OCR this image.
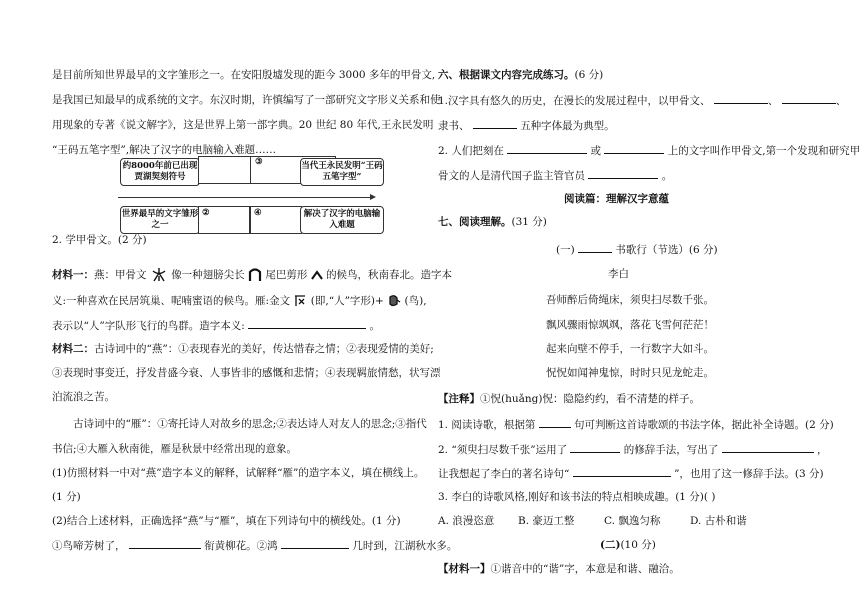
是目前所知世界最早的文字雏形之一。在安阳殷墟发现的距今 3000 多年的甲骨文,
是我国已知最早的成系统的文字。东汉时期，许慎编写了一部研究文字形义关系和使
用现象的专著《说文解字》，这是世界上第一部字典。20 世纪 80 年代,王永民发明
“王码五笔字型”,解决了汉字的电脑输入难题……
约8000年前已出现贾湖契刻符号
③	当代王永民发明“王码五笔字型”
世界最早的文字雏形之一
②	④	解决了汉字的电脑输入难题
2. 学甲骨文。(2 分)
材料一：燕：甲骨文 像一种翅膀尖长 尾巴剪形 的候鸟，秋南春北。造字本
义:一种喜欢在民居筑巢、呢喃蜜语的候鸟。雁:金文 (即,“人”字形)+ (鸟),
表示以“人”字队形飞行的鸟群。造字本义:	。
材料二：古诗词中的“燕”：①表现春光的美好，传达惜春之情；②表现爱情的美好;
③表现时事变迁，抒发昔盛今衰、人事皆非的感慨和悲情；④表现羁旅情愁，状写漂
泊流浪之苦。
古诗词中的“雁”：①寄托诗人对故乡的思念;②表达诗人对友人的思念;③指代
书信;④大雁入秋南徙，雁是秋景中经常出现的意象。
(1)仿照材料一中对“燕”造字本义的解释，试解释“雁”的造字本义，填在横线上。
(1 分)
(2)结合上述材料，正确选择“燕”与“雁”，填在下列诗句中的横线处。(1 分)
①鸟啼芳树了，	衔黄柳花。②鸿	几时到，江湖秋水多。
六、根据课文内容完成练习。(6 分)
1.汉字具有悠久的历史，在漫长的发展过程中，以甲骨文、	、	、
隶书、	五种字体最为典型。
2. 人们把刻在	或	上的文字叫作甲骨文,第一个发现和研究甲
骨文的人是清代国子监主管官员	。
阅读篇：理解汉字意蕴
七、阅读理解。(31 分)
(一)	书歌行（节选）(6 分)
李白
吾师醉后倚绳床，须臾扫尽数千张。
飘风骤雨惊飒飒，落花飞雪何茫茫！
起来向壁不停手，一行数字大如斗。
怳怳如闻神鬼惊，时时只见龙蛇走。
【注释】①怳(huǎng)怳：隐隐约约，看不清楚的样子。
1. 阅读诗歌，根据第	句可判断这首诗歌颂的书法字体，据此补全诗题。(2 分)
2. “须臾扫尽数千张”运用了	的修辞手法，写出了	，
让我想起了李白的著名诗句“	”，也用了这一修辞手法。(3 分)
3. 李白的诗歌风格,刚好和该书法的特点相映成趣。(1 分)( )
A. 浪漫恣意 B. 豪迈工整	C. 飘逸匀称	D. 古朴和谐
(二)(10 分)
【材料一】①谐音中的“谐”字，本意是和谐、融洽。
